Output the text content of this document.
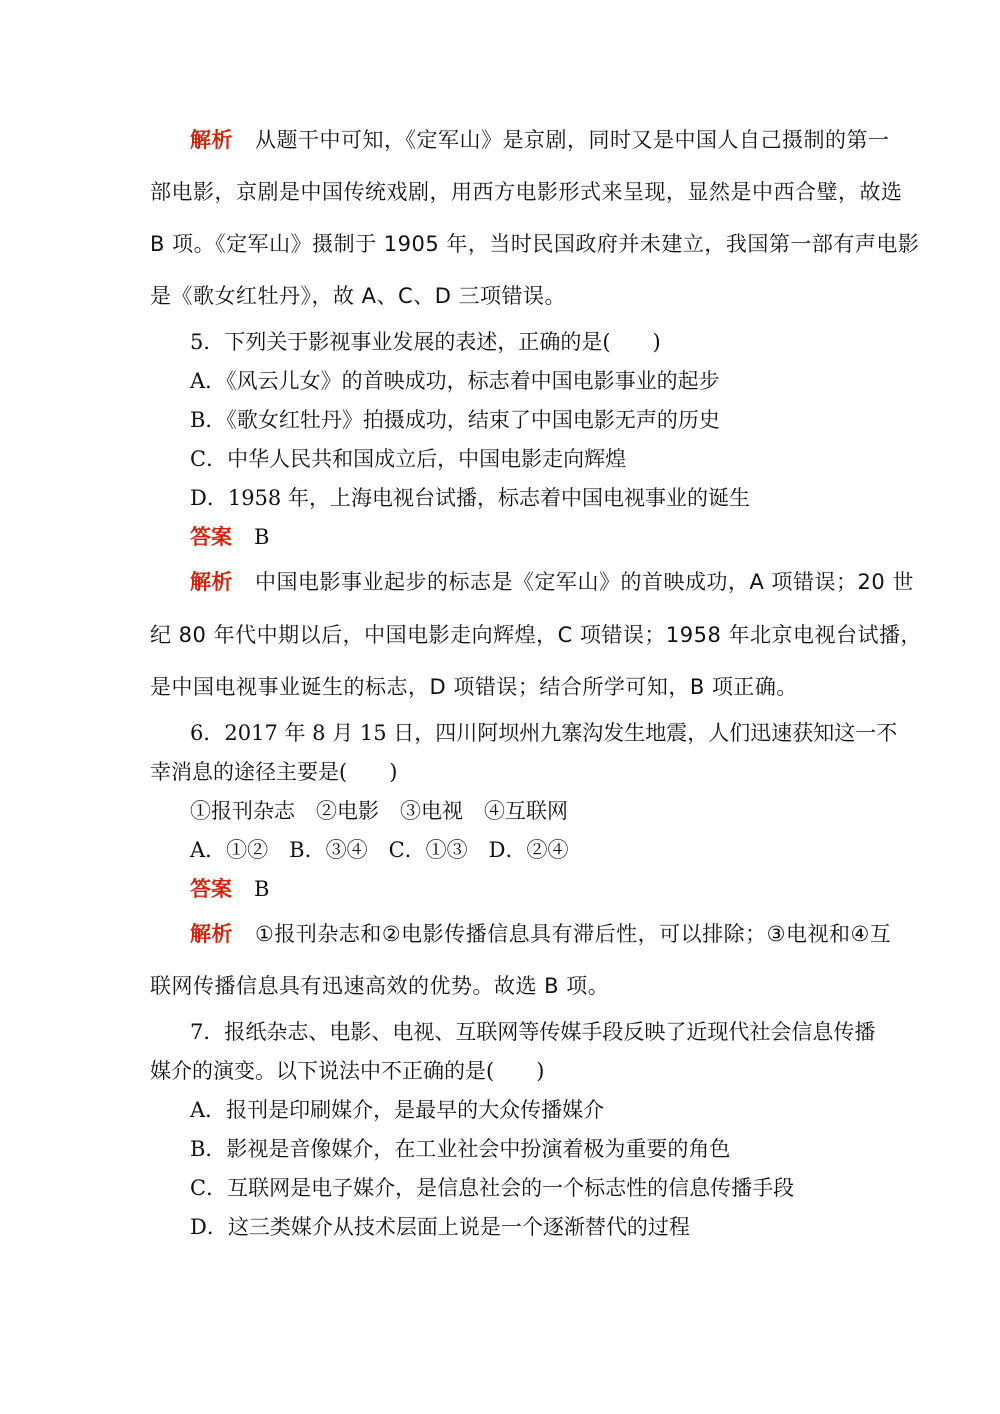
解析 从题干中可知，《定军山》是京剧，同时又是中国人自己摄制的第一
部电影，京剧是中国传统戏剧，用西方电影形式来呈现，显然是中西合璧，故选
B 项。《定军山》摄制于 1905 年，当时民国政府并未建立，我国第一部有声电影
是《歌女红牡丹》，故 A、C、D 三项错误。
5．下列关于影视事业发展的表述，正确的是(　　)
A．《风云儿女》的首映成功，标志着中国电影事业的起步
B．《歌女红牡丹》拍摄成功，结束了中国电影无声的历史
C．中华人民共和国成立后，中国电影走向辉煌
D．1958 年，上海电视台试播，标志着中国电视事业的诞生
答案 B
解析 中国电影事业起步的标志是《定军山》的首映成功，A 项错误；20 世
纪 80 年代中期以后，中国电影走向辉煌，C 项错误；1958 年北京电视台试播，
是中国电视事业诞生的标志，D 项错误；结合所学可知，B 项正确。
6．2017 年 8 月 15 日，四川阿坝州九寨沟发生地震，人们迅速获知这一不
幸消息的途径主要是(　　)
①报刊杂志　②电影　③电视　④互联网
A．①②　B．③④　C．①③　D．②④
答案 B
解析 ①报刊杂志和②电影传播信息具有滞后性，可以排除；③电视和④互
联网传播信息具有迅速高效的优势。故选 B 项。
7．报纸杂志、电影、电视、互联网等传媒手段反映了近现代社会信息传播
媒介的演变。以下说法中不正确的是(　　)
A．报刊是印刷媒介，是最早的大众传播媒介
B．影视是音像媒介，在工业社会中扮演着极为重要的角色
C．互联网是电子媒介，是信息社会的一个标志性的信息传播手段
D．这三类媒介从技术层面上说是一个逐渐替代的过程
